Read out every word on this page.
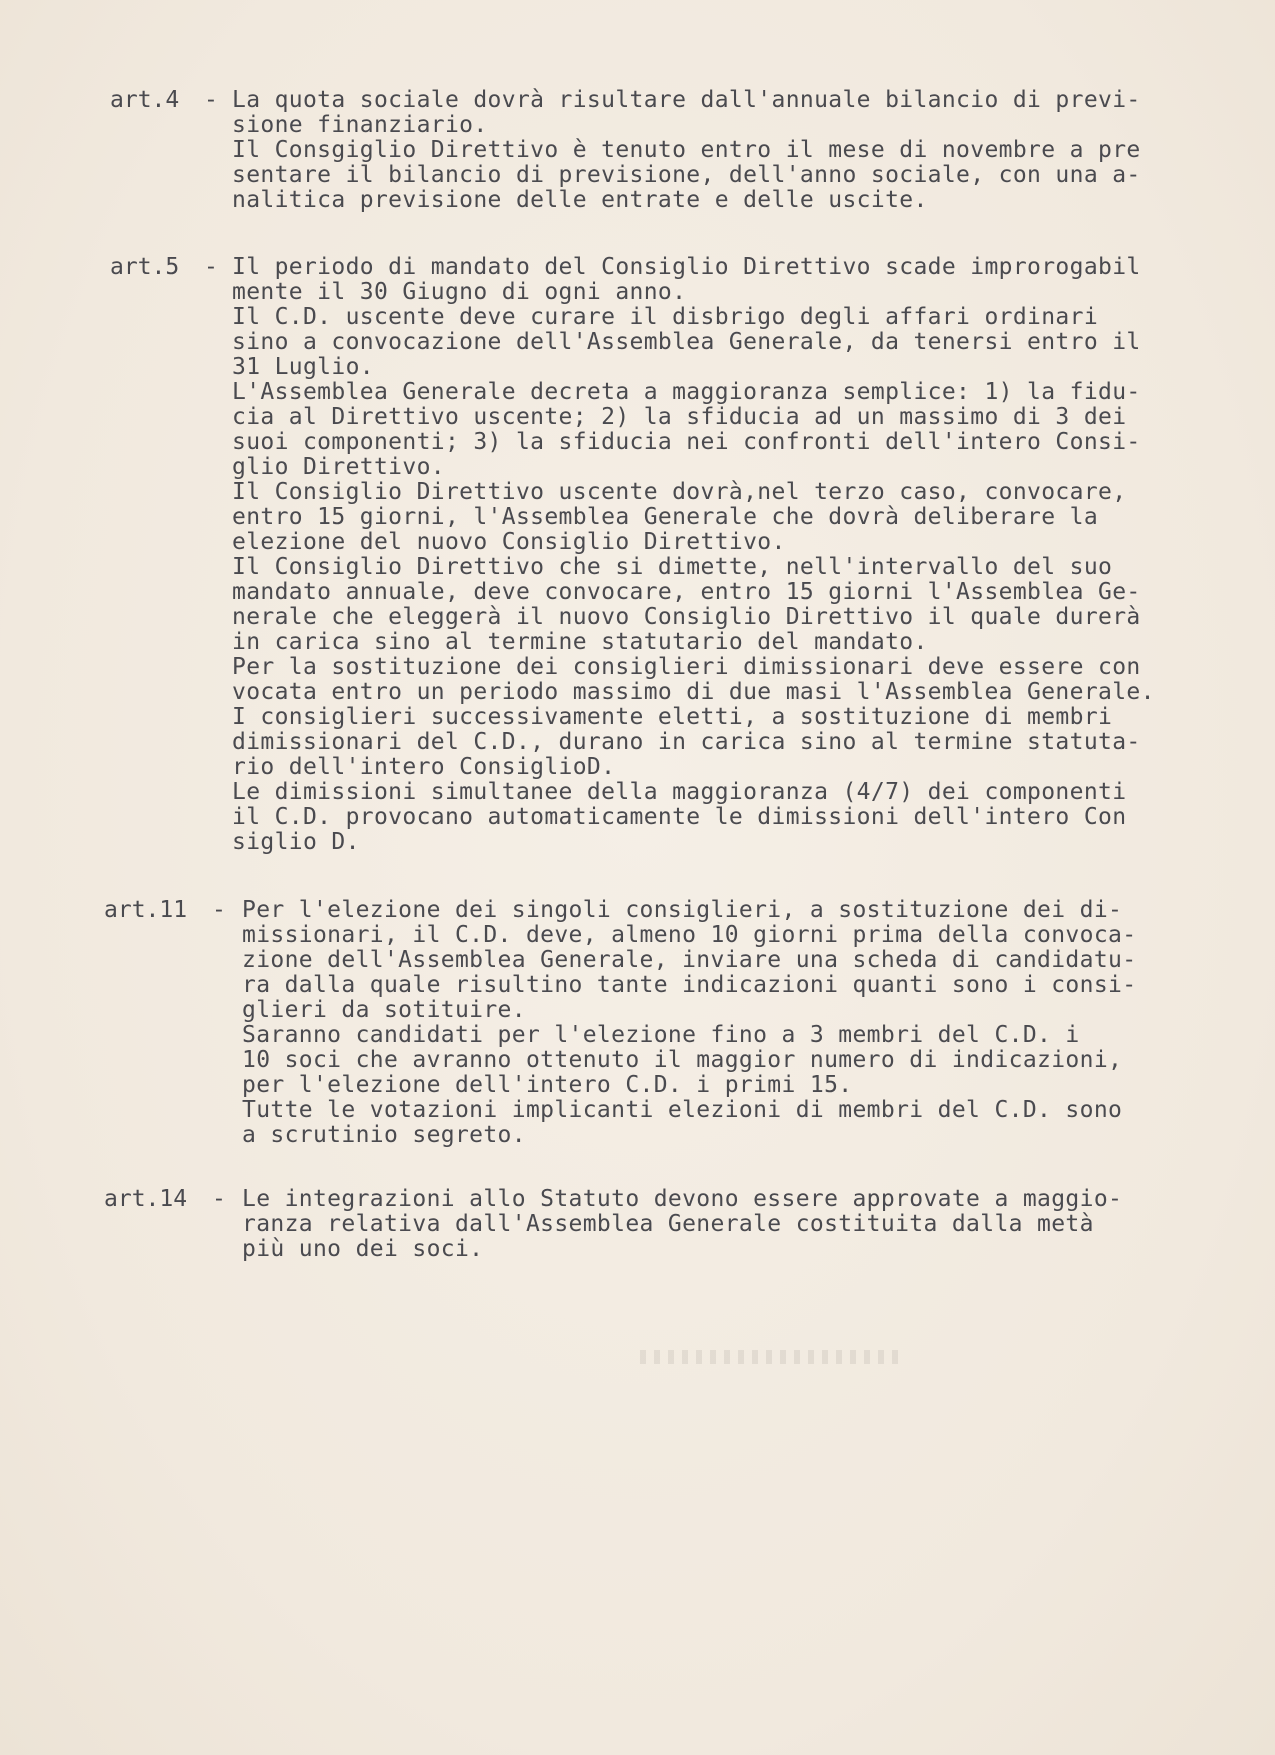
art.4 - La quota sociale dovrà risultare dall'annuale bilancio di previ-
sione finanziario.
Il Consgiglio Direttivo è tenuto entro il mese di novembre a pre
sentare il bilancio di previsione, dell'anno sociale, con una a-
nalitica previsione delle entrate e delle uscite.
art.5 - Il periodo di mandato del Consiglio Direttivo scade improrogabil
mente il 30 Giugno di ogni anno.
Il C.D. uscente deve curare il disbrigo degli affari ordinari
sino a convocazione dell'Assemblea Generale, da tenersi entro il
31 Luglio.
L'Assemblea Generale decreta a maggioranza semplice: 1) la fidu-
cia al Direttivo uscente; 2) la sfiducia ad un massimo di 3 dei
suoi componenti; 3) la sfiducia nei confronti dell'intero Consi-
glio Direttivo.
Il Consiglio Direttivo uscente dovrà,nel terzo caso, convocare,
entro 15 giorni, l'Assemblea Generale che dovrà deliberare la
elezione del nuovo Consiglio Direttivo.
Il Consiglio Direttivo che si dimette, nell'intervallo del suo
mandato annuale, deve convocare, entro 15 giorni l'Assemblea Ge-
nerale che eleggerà il nuovo Consiglio Direttivo il quale durerà
in carica sino al termine statutario del mandato.
Per la sostituzione dei consiglieri dimissionari deve essere con
vocata entro un periodo massimo di due masi l'Assemblea Generale.
I consiglieri successivamente eletti, a sostituzione di membri
dimissionari del C.D., durano in carica sino al termine statuta-
rio dell'intero ConsiglioD.
Le dimissioni simultanee della maggioranza (4/7) dei componenti
il C.D. provocano automaticamente le dimissioni dell'intero Con
siglio D.
art.11 - Per l'elezione dei singoli consiglieri, a sostituzione dei di-
missionari, il C.D. deve, almeno 10 giorni prima della convoca-
zione dell'Assemblea Generale, inviare una scheda di candidatu-
ra dalla quale risultino tante indicazioni quanti sono i consi-
glieri da sotituire.
Saranno candidati per l'elezione fino a 3 membri del C.D. i
10 soci che avranno ottenuto il maggior numero di indicazioni,
per l'elezione dell'intero C.D. i primi 15.
Tutte le votazioni implicanti elezioni di membri del C.D. sono
a scrutinio segreto.
art.14 - Le integrazioni allo Statuto devono essere approvate a maggio-
ranza relativa dall'Assemblea Generale costituita dalla metà
più uno dei soci.
